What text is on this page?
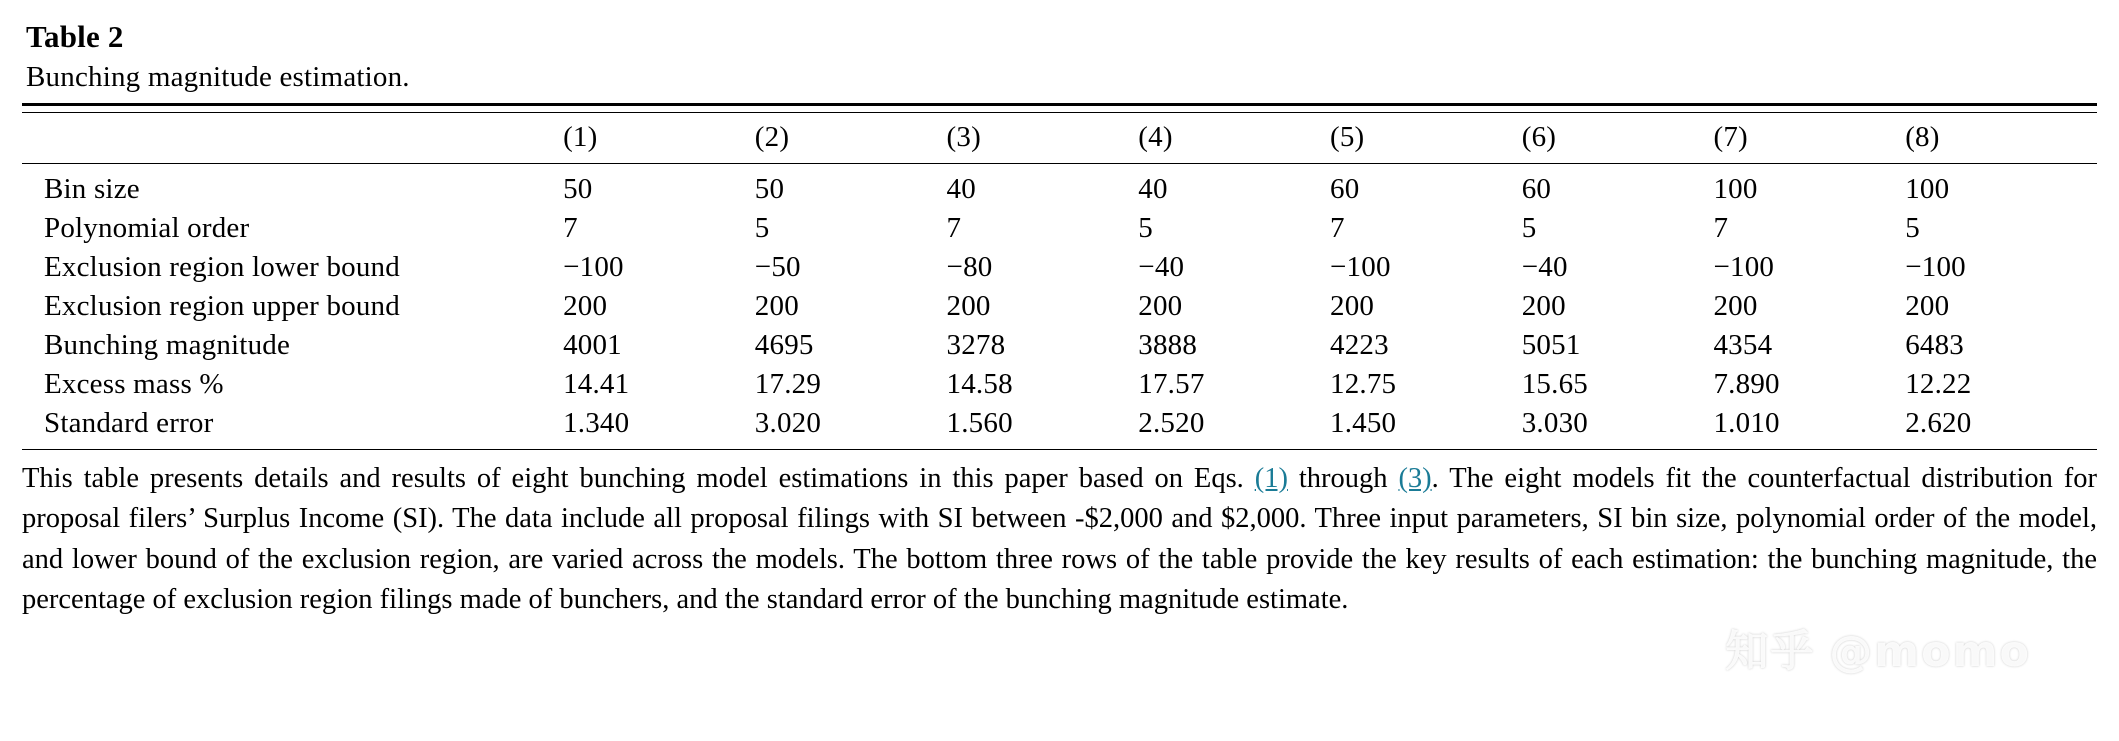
Table 2
Bunching magnitude estimation.

	(1)	(2)	(3)	(4)	(5)	(6)	(7)	(8)
Bin size	50	50	40	40	60	60	100	100
Polynomial order	7	5	7	5	7	5	7	5
Exclusion region lower bound	−100	−50	−80	−40	−100	−40	−100	−100
Exclusion region upper bound	200	200	200	200	200	200	200	200
Bunching magnitude	4001	4695	3278	3888	4223	5051	4354	6483
Excess mass %	14.41	17.29	14.58	17.57	12.75	15.65	7.890	12.22
Standard error	1.340	3.020	1.560	2.520	1.450	3.030	1.010	2.620

This table presents details and results of eight bunching model estimations in this paper based on Eqs. (1) through (3). The eight models fit the counterfactual distribution for proposal filers’ Surplus Income (SI). The data include all proposal filings with SI between -$2,000 and $2,000. Three input parameters, SI bin size, polynomial order of the model, and lower bound of the exclusion region, are varied across the models. The bottom three rows of the table provide the key results of each estimation: the bunching magnitude, the percentage of exclusion region filings made of bunchers, and the standard error of the bunching magnitude estimate.

知乎 @momo
